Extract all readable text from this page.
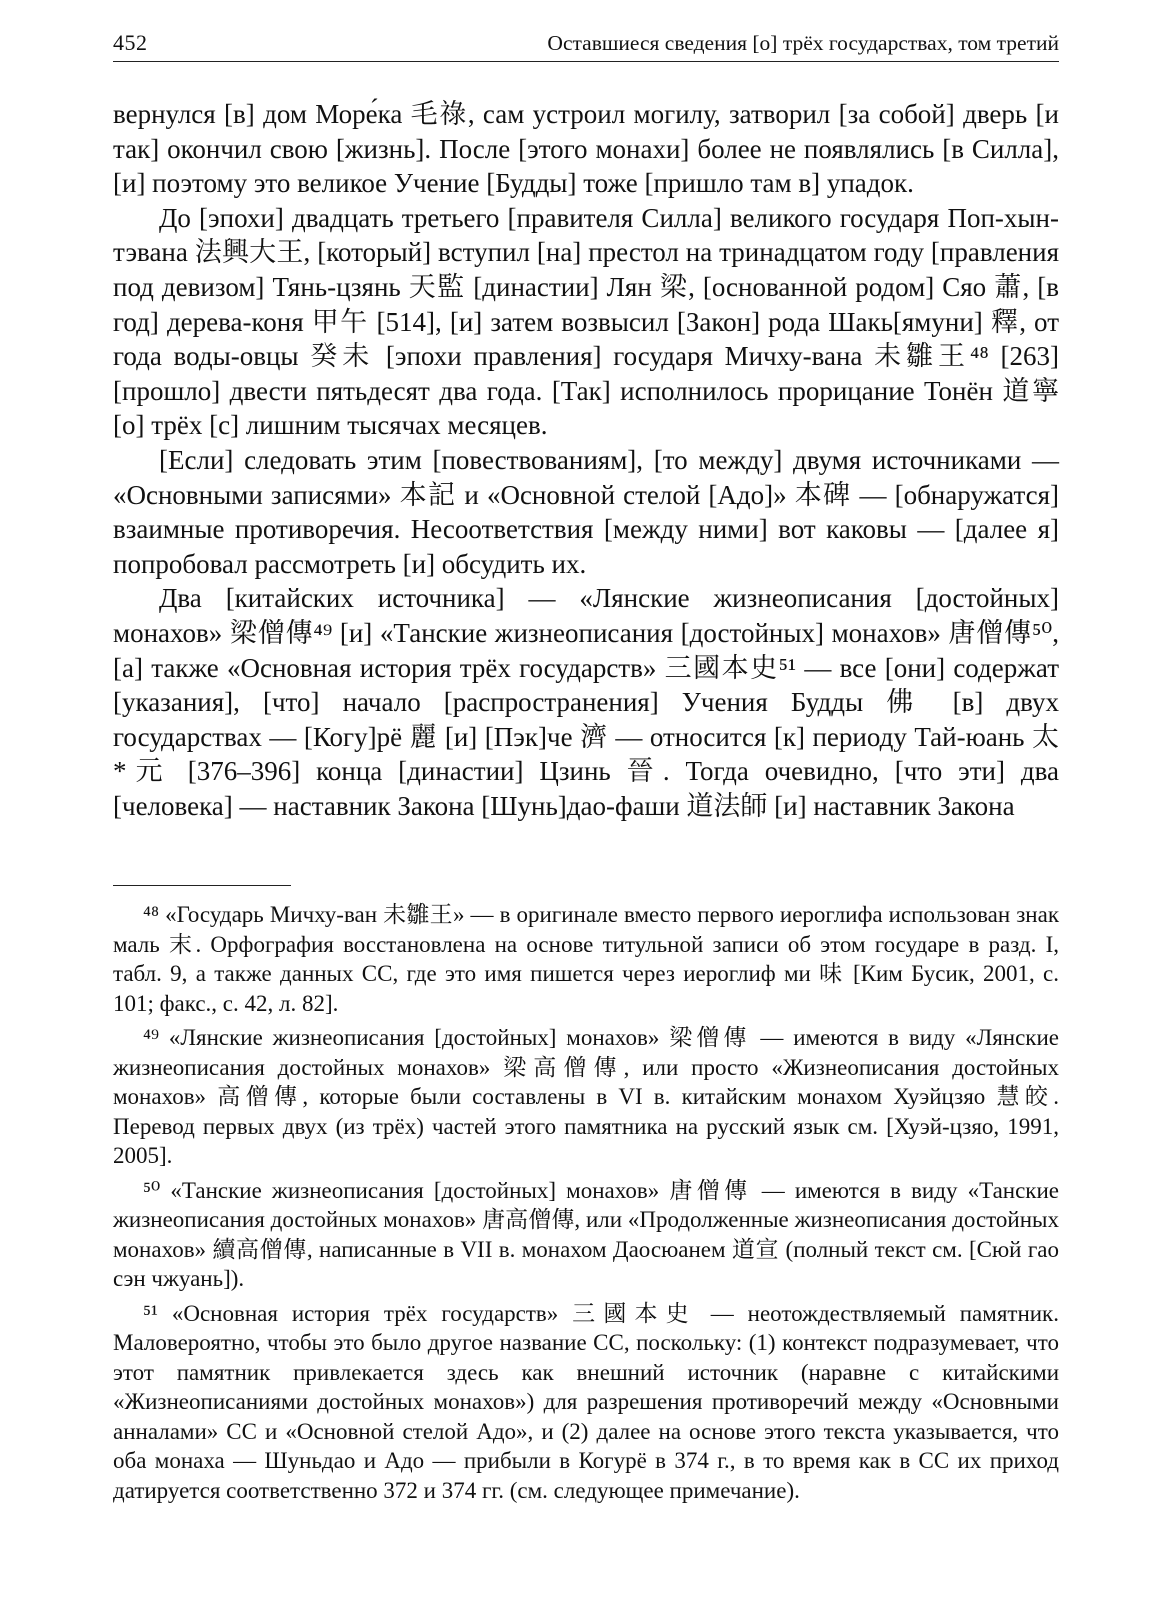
452	Оставшиеся сведения [о] трёх государствах, том третий

вернулся [в] дом Море́ка 毛祿, сам устроил могилу, затворил [за собой] дверь [и так] окончил свою [жизнь]. После [этого монахи] более не появлялись [в Силла], [и] поэтому это великое Учение [Будды] тоже [пришло там в] упадок.

До [эпохи] двадцать третьего [правителя Силла] великого государя Поп-хын-тэвана 法興大王, [который] вступил [на] престол на тринадцатом году [правления под девизом] Тянь-цзянь 天監 [династии] Лян 梁, [основанной родом] Сяо 蕭, [в год] дерева-коня 甲午 [514], [и] затем возвысил [Закон] рода Шакь[ямуни] 釋, от года воды-овцы 癸未 [эпохи правления] государя Мичху-вана 未雛王⁴⁸ [263] [прошло] двести пятьдесят два года. [Так] исполнилось прорицание Тонён 道寧 [о] трёх [с] лишним тысячах месяцев.

[Если] следовать этим [повествованиям], [то между] двумя источниками — «Основными записями» 本記 и «Основной стелой [Адо]» 本碑 — [обнаружатся] взаимные противоречия. Несоответствия [между ними] вот каковы — [далее я] попробовал рассмотреть [и] обсудить их.

Два [китайских источника] — «Лянские жизнеописания [достойных] монахов» 梁僧傳⁴⁹ [и] «Танские жизнеописания [достойных] монахов» 唐僧傳⁵⁰, [а] также «Основная история трёх государств» 三國本史⁵¹ — все [они] содержат [указания], [что] начало [распространения] Учения Будды 佛 [в] двух государствах — [Когу]рё 麗 [и] [Пэк]че 濟 — относится [к] периоду Тай-юань 太*元 [376–396] конца [династии] Цзинь 晉. Тогда очевидно, [что эти] два [человека] — наставник Закона [Шунь]дао-фаши 道法師 [и] наставник Закона

⁴⁸ «Государь Мичху-ван 未雛王» — в оригинале вместо первого иероглифа использован знак маль 末. Орфография восстановлена на основе титульной записи об этом государе в разд. I, табл. 9, а также данных СС, где это имя пишется через иероглиф ми 味 [Ким Бусик, 2001, с. 101; факс., с. 42, л. 82].

⁴⁹ «Лянские жизнеописания [достойных] монахов» 梁僧傳 — имеются в виду «Лянские жизнеописания достойных монахов» 梁高僧傳, или просто «Жизнеописания достойных монахов» 高僧傳, которые были составлены в VI в. китайским монахом Хуэйцзяо 慧皎. Перевод первых двух (из трёх) частей этого памятника на русский язык см. [Хуэй-цзяо, 1991, 2005].

⁵⁰ «Танские жизнеописания [достойных] монахов» 唐僧傳 — имеются в виду «Танские жизнеописания достойных монахов» 唐高僧傳, или «Продолженные жизнеописания достойных монахов» 續高僧傳, написанные в VII в. монахом Даосюанем 道宣 (полный текст см. [Сюй гао сэн чжуань]).

⁵¹ «Основная история трёх государств» 三國本史 — неотождествляемый памятник. Маловероятно, чтобы это было другое название СС, поскольку: (1) контекст подразумевает, что этот памятник привлекается здесь как внешний источник (наравне с китайскими «Жизнеописаниями достойных монахов») для разрешения противоречий между «Основными анналами» СС и «Основной стелой Адо», и (2) далее на основе этого текста указывается, что оба монаха — Шуньдао и Адо — прибыли в Когурё в 374 г., в то время как в СС их приход датируется соответственно 372 и 374 гг. (см. следующее примечание).
